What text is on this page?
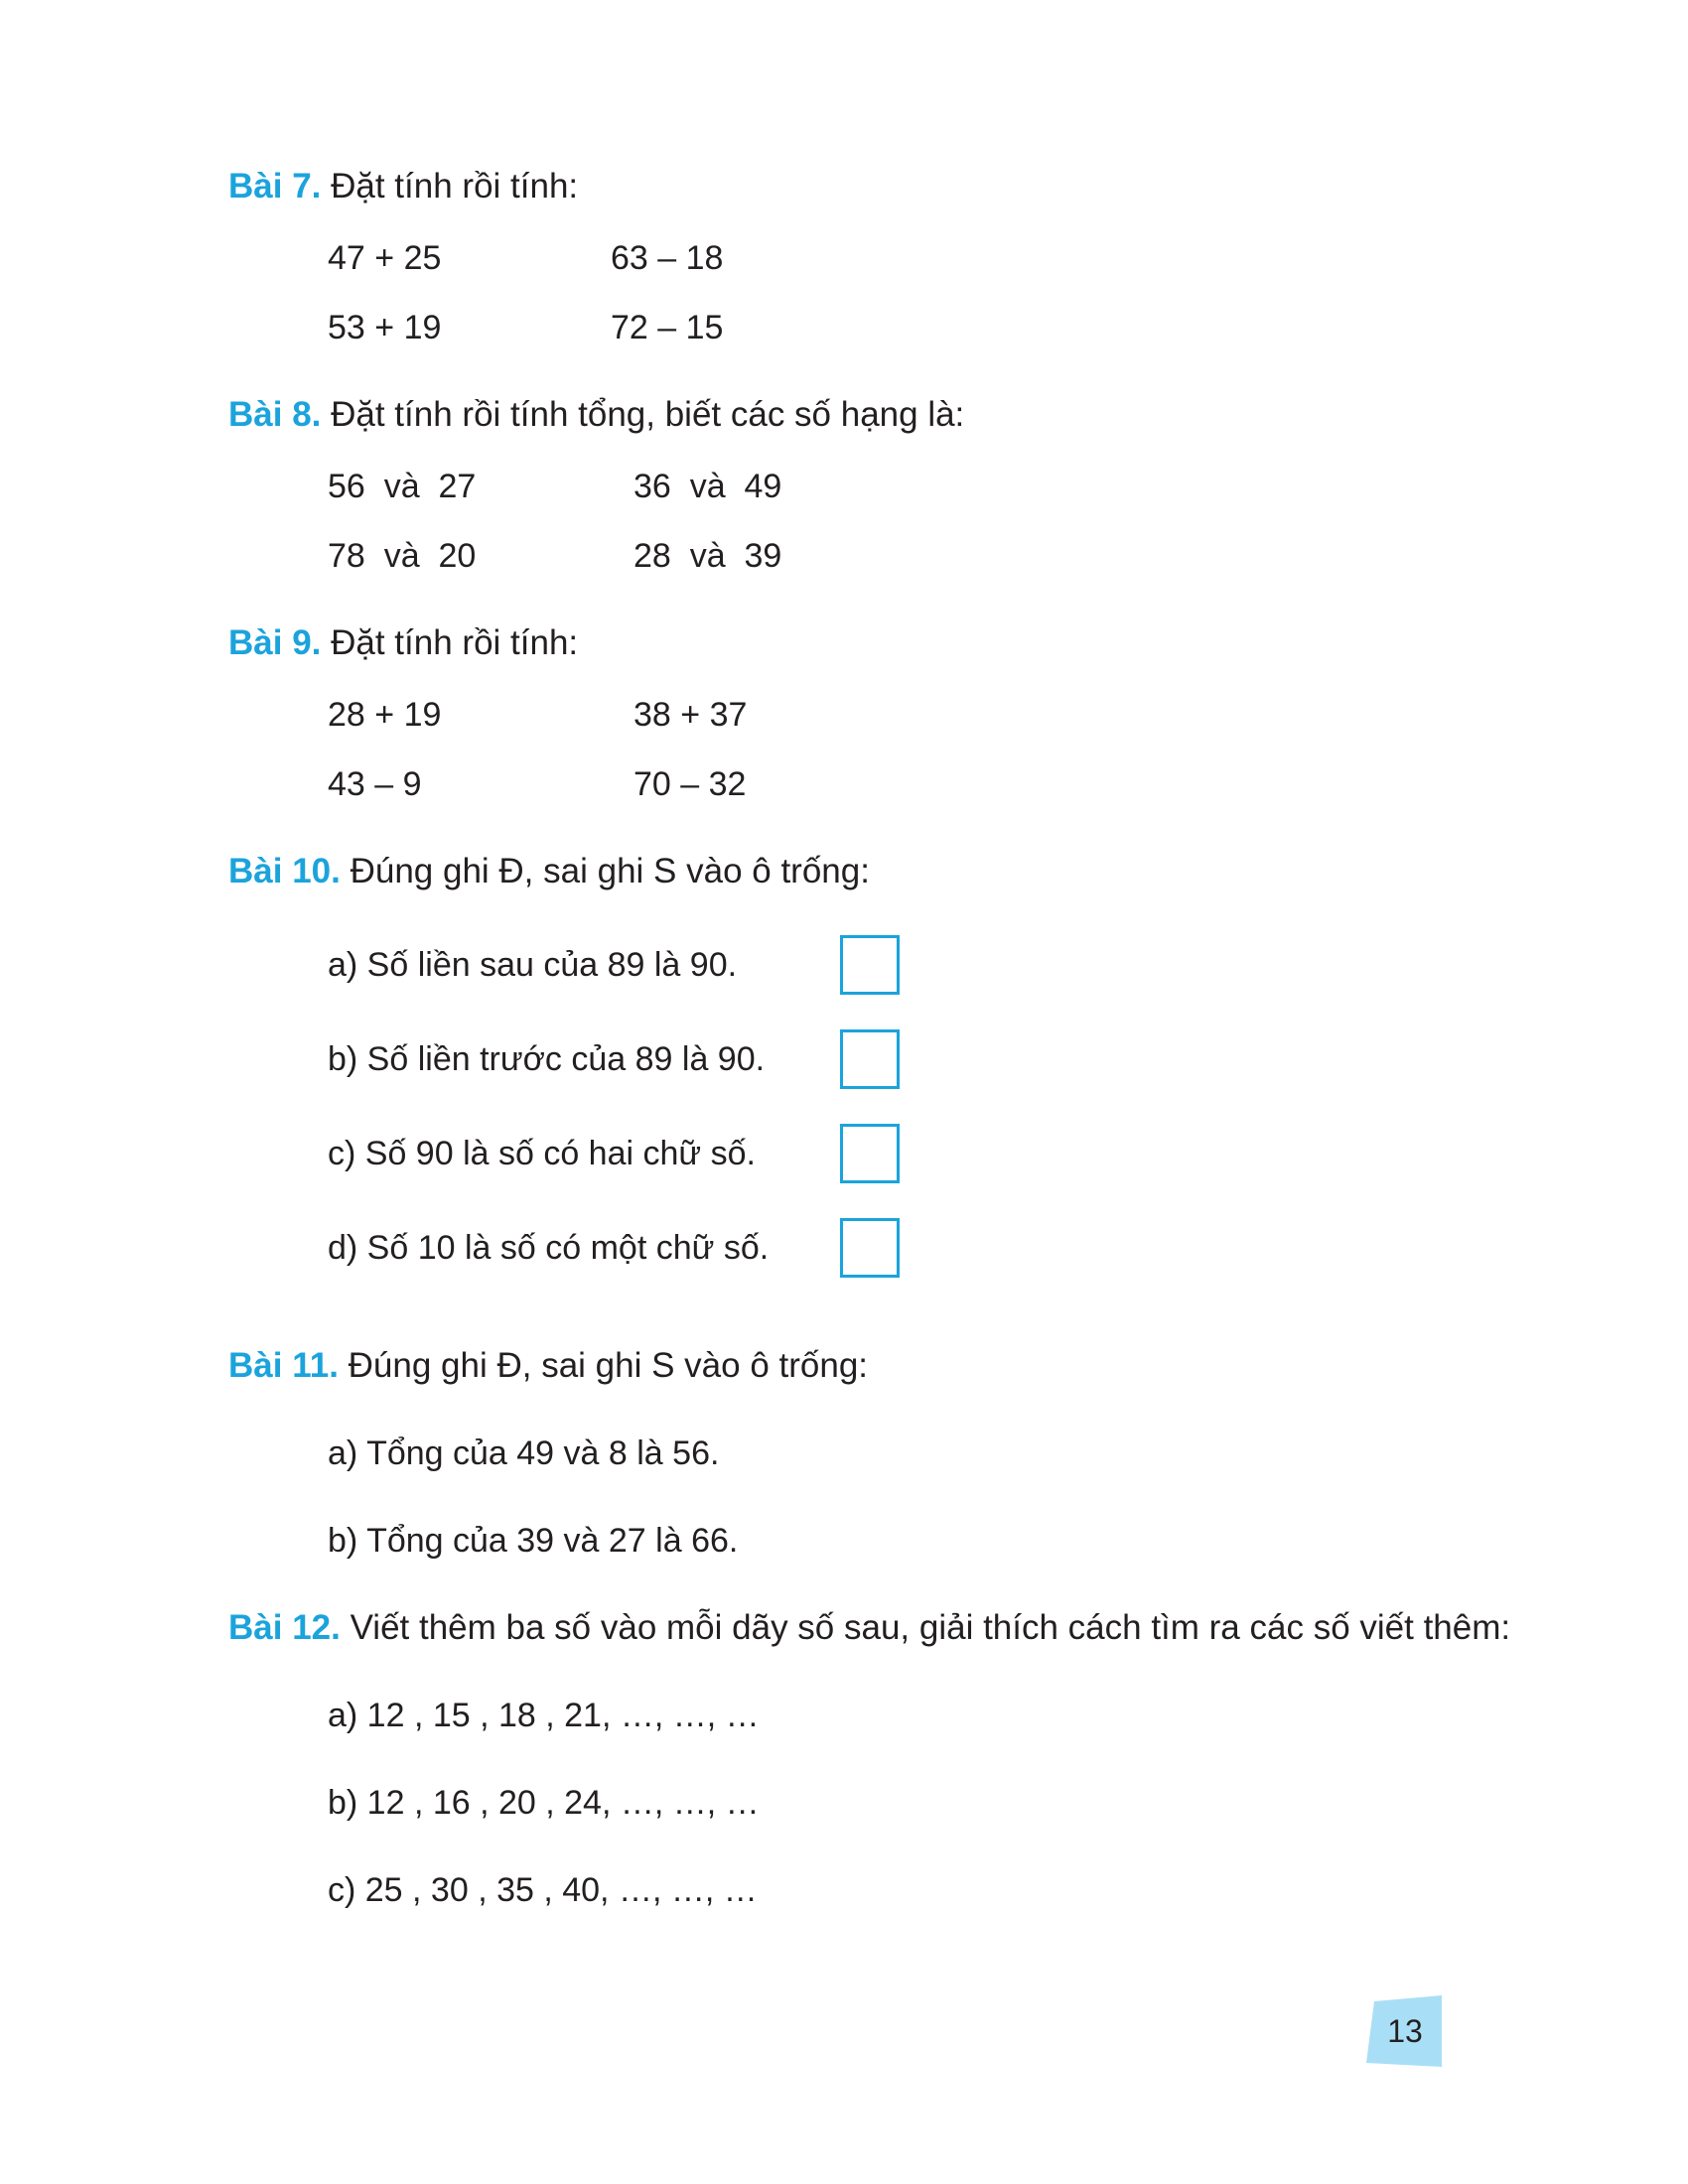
Bài 7. Đặt tính rồi tính:
47 + 25	63 – 18
53 + 19	72 – 15
Bài 8. Đặt tính rồi tính tổng, biết các số hạng là:
56  và  27	36  và  49
78  và  20	28  và  39
Bài 9. Đặt tính rồi tính:
28 + 19	38 + 37
43 – 9	70 – 32
Bài 10. Đúng ghi Đ, sai ghi S vào ô trống:
a) Số liền sau của 89 là 90.
b) Số liền trước của 89 là 90.
c) Số 90 là số có hai chữ số.
d) Số 10 là số có một chữ số.
Bài 11. Đúng ghi Đ, sai ghi S vào ô trống:
a) Tổng của 49 và 8 là 56.
b) Tổng của 39 và 27 là 66.
Bài 12. Viết thêm ba số vào mỗi dãy số sau, giải thích cách tìm ra các số viết thêm:
a) 12 , 15 , 18 , 21, …, …, …
b) 12 , 16 , 20 , 24, …, …, …
c) 25 , 30 , 35 , 40, …, …, …
13
